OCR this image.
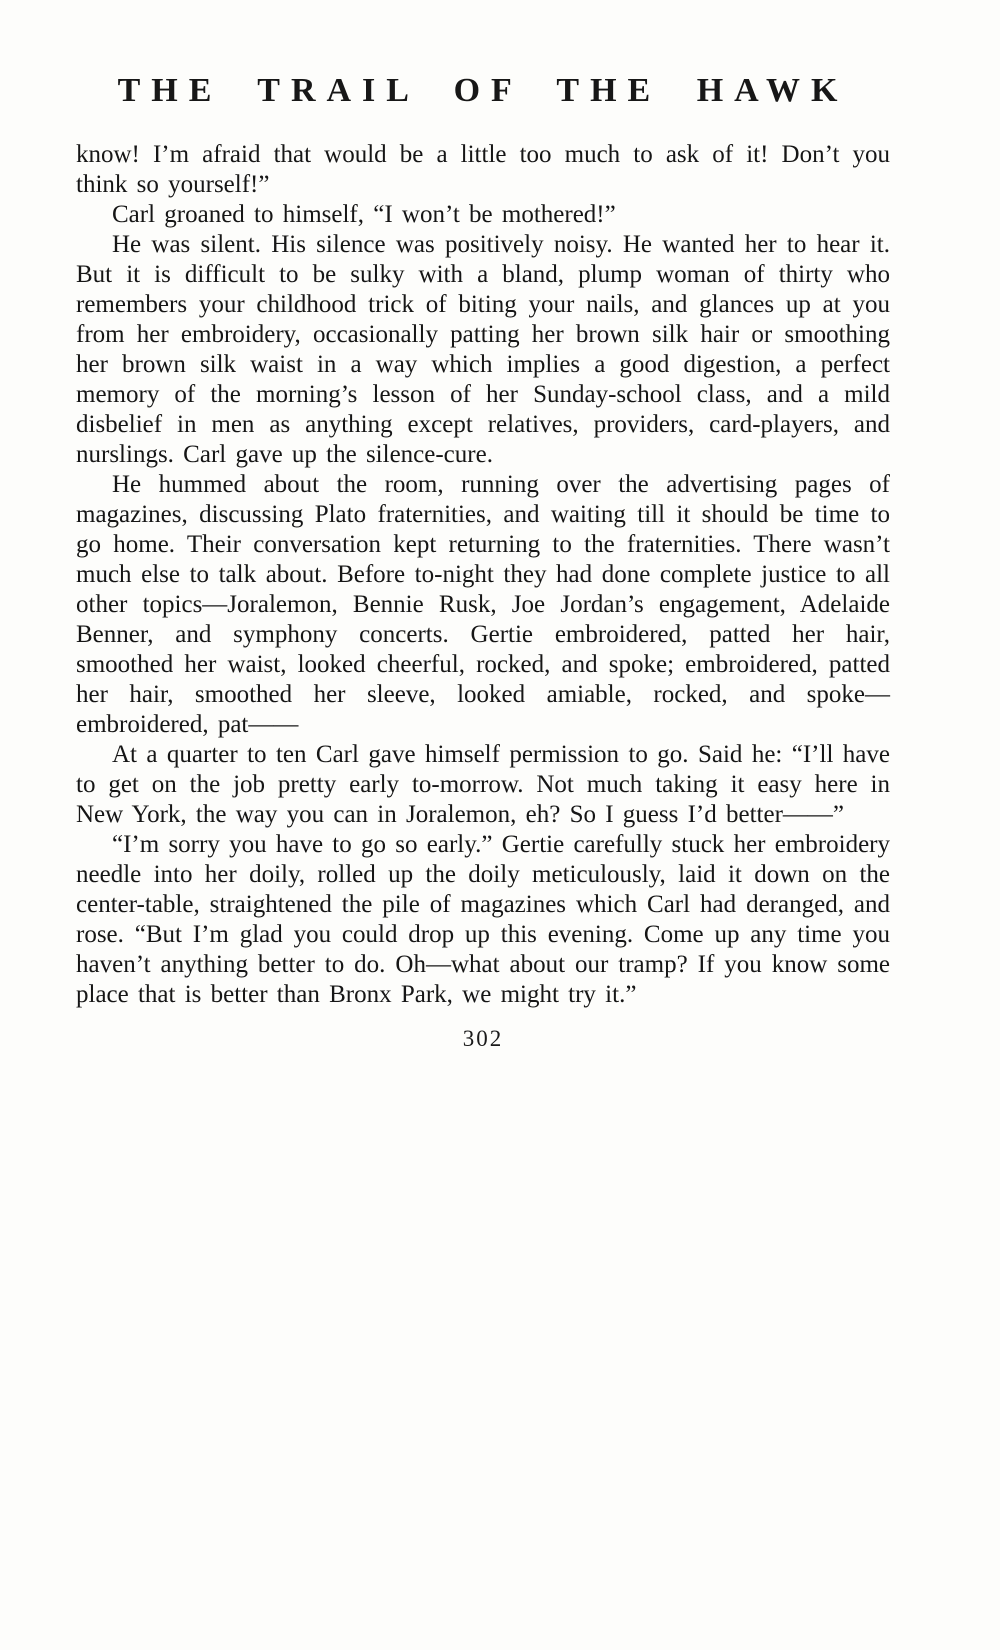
THE TRAIL OF THE HAWK

know! I’m afraid that would be a little too much to ask of it! Don’t you think so yourself!”

Carl groaned to himself, “I won’t be mothered!”

He was silent. His silence was positively noisy. He wanted her to hear it. But it is difficult to be sulky with a bland, plump woman of thirty who remembers your childhood trick of biting your nails, and glances up at you from her embroidery, occasionally patting her brown silk hair or smoothing her brown silk waist in a way which implies a good digestion, a perfect memory of the morning’s lesson of her Sunday-school class, and a mild disbelief in men as anything except relatives, providers, card-players, and nurslings. Carl gave up the silence-cure.

He hummed about the room, running over the advertising pages of magazines, discussing Plato fraternities, and waiting till it should be time to go home. Their conversation kept returning to the fraternities. There wasn’t much else to talk about. Before to-night they had done complete justice to all other topics—Joralemon, Bennie Rusk, Joe Jordan’s engagement, Adelaide Benner, and symphony concerts. Gertie embroidered, patted her hair, smoothed her waist, looked cheerful, rocked, and spoke; embroidered, patted her hair, smoothed her sleeve, looked amiable, rocked, and spoke—embroidered, pat——

At a quarter to ten Carl gave himself permission to go. Said he: “I’ll have to get on the job pretty early to-morrow. Not much taking it easy here in New York, the way you can in Joralemon, eh? So I guess I’d better——”

“I’m sorry you have to go so early.” Gertie carefully stuck her embroidery needle into her doily, rolled up the doily meticulously, laid it down on the center-table, straightened the pile of magazines which Carl had deranged, and rose. “But I’m glad you could drop up this evening. Come up any time you haven’t anything better to do. Oh—what about our tramp? If you know some place that is better than Bronx Park, we might try it.”

302
